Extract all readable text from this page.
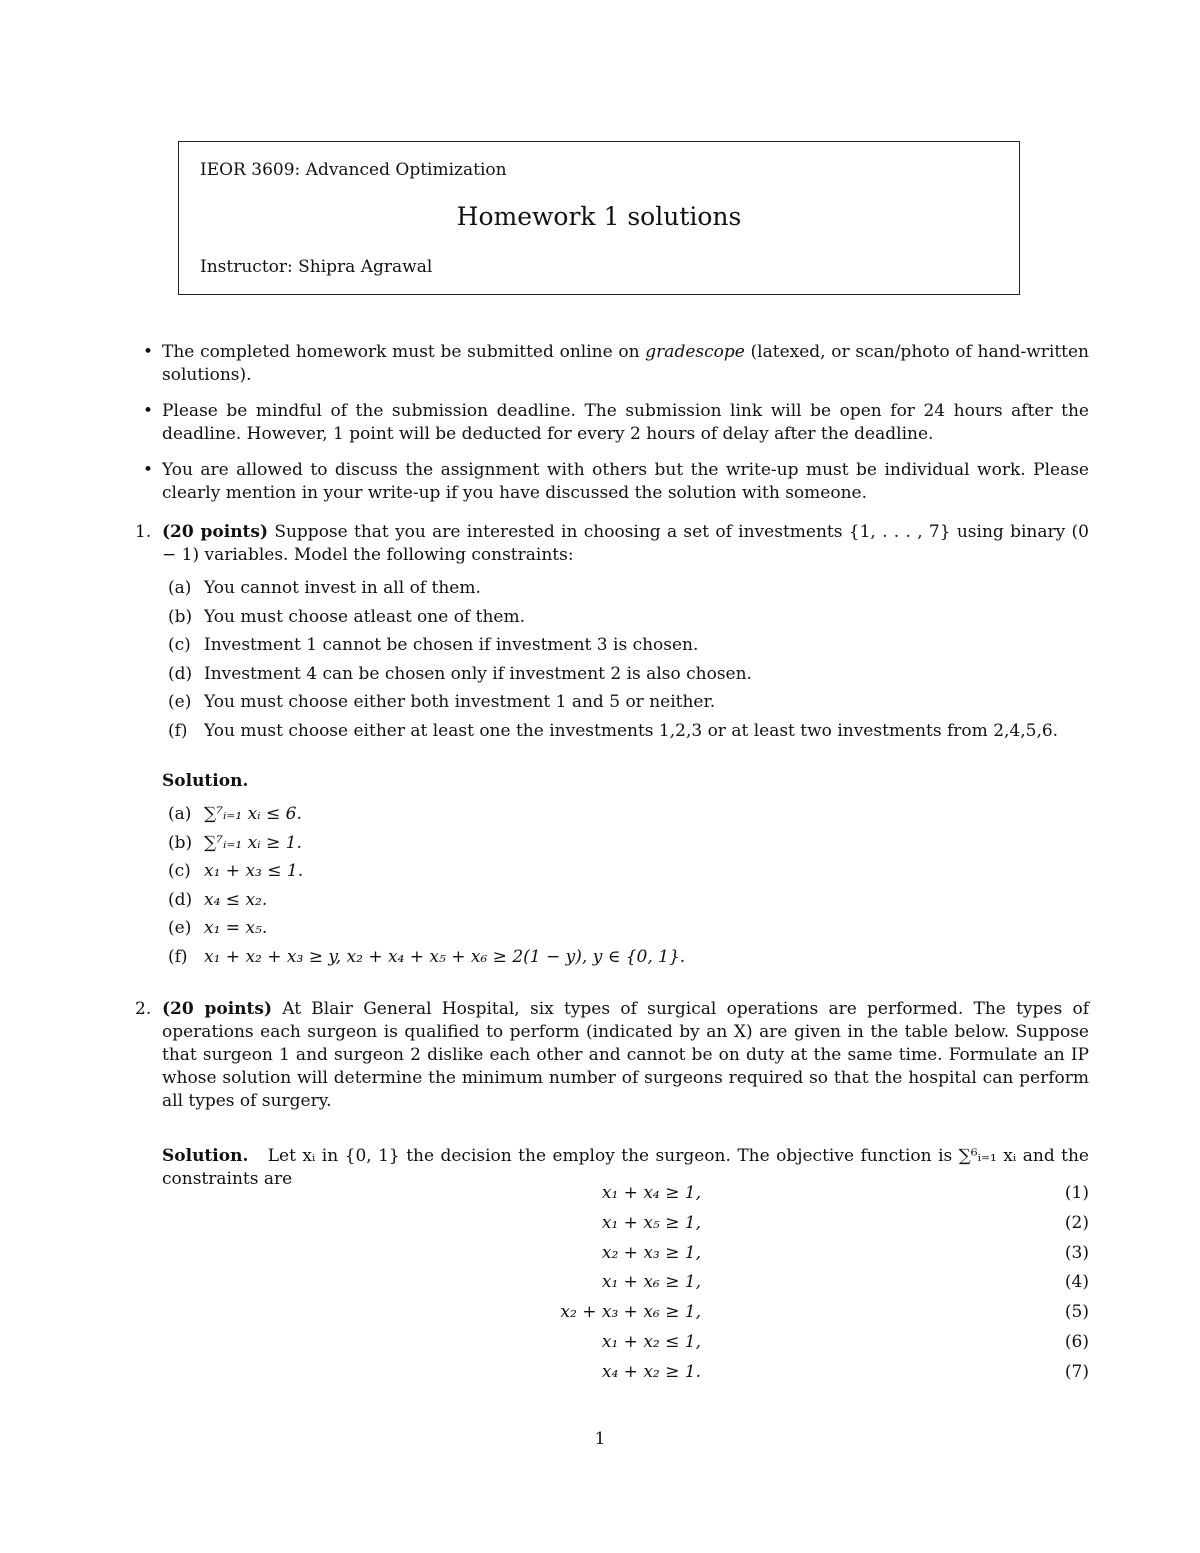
IEOR 3609: Advanced Optimization
Homework 1 solutions
Instructor: Shipra Agrawal
• The completed homework must be submitted online on gradescope (latexed, or scan/photo of hand-written solutions).
• Please be mindful of the submission deadline. The submission link will be open for 24 hours after the deadline. However, 1 point will be deducted for every 2 hours of delay after the deadline.
• You are allowed to discuss the assignment with others but the write-up must be individual work. Please clearly mention in your write-up if you have discussed the solution with someone.
1. (20 points) Suppose that you are interested in choosing a set of investments {1, . . . , 7} using binary (0 − 1) variables. Model the following constraints:
(a) You cannot invest in all of them.
(b) You must choose atleast one of them.
(c) Investment 1 cannot be chosen if investment 3 is chosen.
(d) Investment 4 can be chosen only if investment 2 is also chosen.
(e) You must choose either both investment 1 and 5 or neither.
(f) You must choose either at least one the investments 1,2,3 or at least two investments from 2,4,5,6.
Solution.
(a) ∑⁷ᵢ₌₁ xᵢ ≤ 6.
(b) ∑⁷ᵢ₌₁ xᵢ ≥ 1.
(c) x₁ + x₃ ≤ 1.
(d) x₄ ≤ x₂.
(e) x₁ = x₅.
(f) x₁ + x₂ + x₃ ≥ y, x₂ + x₄ + x₅ + x₆ ≥ 2(1 − y), y ∈ {0, 1}.
2. (20 points) At Blair General Hospital, six types of surgical operations are performed. The types of operations each surgeon is qualified to perform (indicated by an X) are given in the table below. Suppose that surgeon 1 and surgeon 2 dislike each other and cannot be on duty at the same time. Formulate an IP whose solution will determine the minimum number of surgeons required so that the hospital can perform all types of surgery.
Solution. Let xᵢ in {0, 1} the decision the employ the surgeon. The objective function is ∑⁶ᵢ₌₁ xᵢ and the constraints are
x₁ + x₄ ≥ 1,	(1)
x₁ + x₅ ≥ 1,	(2)
x₂ + x₃ ≥ 1,	(3)
x₁ + x₆ ≥ 1,	(4)
x₂ + x₃ + x₆ ≥ 1,	(5)
x₁ + x₂ ≤ 1,	(6)
x₄ + x₂ ≥ 1.	(7)
1
